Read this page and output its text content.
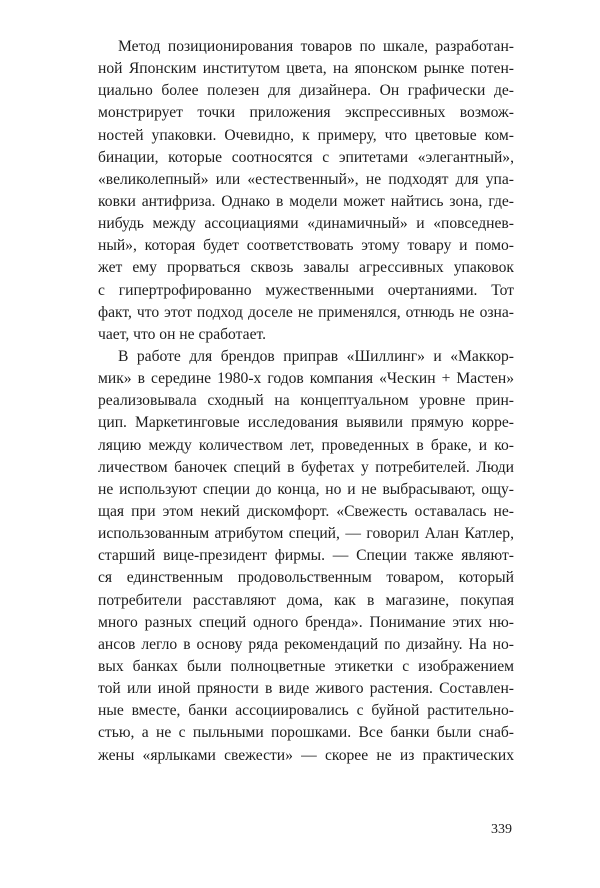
Метод позиционирования товаров по шкале, разработан-
ной Японским институтом цвета, на японском рынке потен-
циально более полезен для дизайнера. Он графически де-
монстрирует точки приложения экспрессивных возмож-
ностей упаковки. Очевидно, к примеру, что цветовые ком-
бинации, которые соотносятся с эпитетами «элегантный»,
«великолепный» или «естественный», не подходят для упа-
ковки антифриза. Однако в модели может найтись зона, где-
нибудь между ассоциациями «динамичный» и «повседнев-
ный», которая будет соответствовать этому товару и помо-
жет ему прорваться сквозь завалы агрессивных упаковок
с гипертрофированно мужественными очертаниями. Тот
факт, что этот подход доселе не применялся, отнюдь не озна-
чает, что он не сработает.
В работе для брендов приправ «Шиллинг» и «Маккор-
мик» в середине 1980-х годов компания «Ческин + Мастен»
реализовывала сходный на концептуальном уровне прин-
цип. Маркетинговые исследования выявили прямую корре-
ляцию между количеством лет, проведенных в браке, и ко-
личеством баночек специй в буфетах у потребителей. Люди
не используют специи до конца, но и не выбрасывают, ощу-
щая при этом некий дискомфорт. «Свежесть оставалась не-
использованным атрибутом специй, — говорил Алан Катлер,
старший вице-президент фирмы. — Специи также являют-
ся единственным продовольственным товаром, который
потребители расставляют дома, как в магазине, покупая
много разных специй одного бренда». Понимание этих ню-
ансов легло в основу ряда рекомендаций по дизайну. На но-
вых банках были полноцветные этикетки с изображением
той или иной пряности в виде живого растения. Составлен-
ные вместе, банки ассоциировались с буйной растительно-
стью, а не с пыльными порошками. Все банки были снаб-
жены «ярлыками свежести» — скорее не из практических
339
